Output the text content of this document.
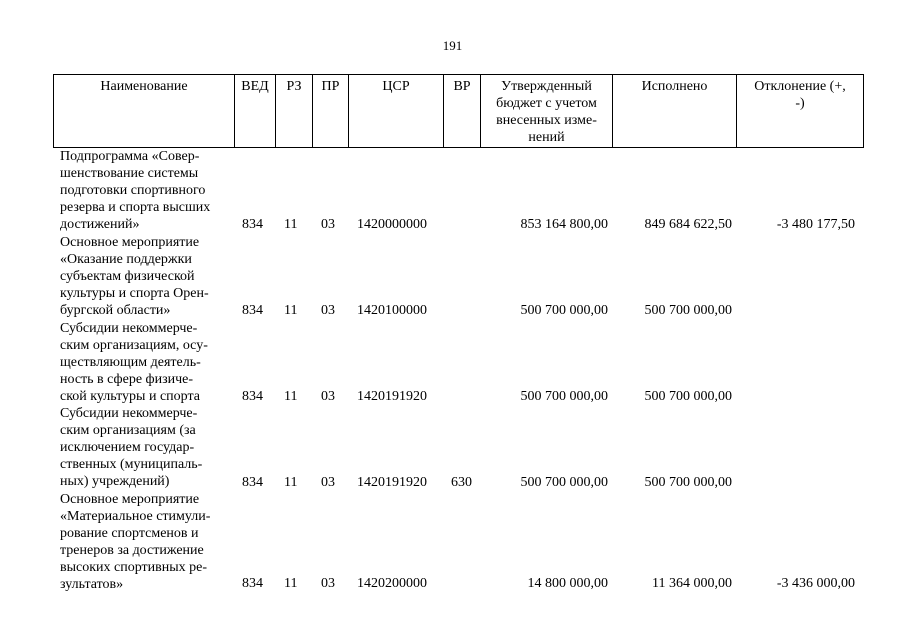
191
Наименование	ВЕД	РЗ	ПР	ЦСР	ВР	Утвержденный бюджет с учетом внесенных изме-нений	Исполнено	Отклонение (+, -)
Подпрограмма «Совер-
шенствование системы
подготовки спортивного
резерва и спорта высших
достижений»	834 11 03 1420000000	853 164 800,00	849 684 622,50	-3 480 177,50
Основное мероприятие
«Оказание поддержки
субъектам физической
культуры и спорта Орен-
бургской области»	834 11 03 1420100000	500 700 000,00	500 700 000,00
Субсидии некоммерче-
ским организациям, осу-
ществляющим деятель-
ность в сфере физиче-
ской культуры и спорта	834 11 03 1420191920	500 700 000,00	500 700 000,00
Субсидии некоммерче-
ским организациям (за
исключением государ-
ственных (муниципаль-
ных) учреждений)	834 11 03 1420191920 630	500 700 000,00	500 700 000,00
Основное мероприятие
«Материальное стимули-
рование спортсменов и
тренеров за достижение
высоких спортивных ре-
зультатов»	834 11 03 1420200000	14 800 000,00	11 364 000,00	-3 436 000,00
